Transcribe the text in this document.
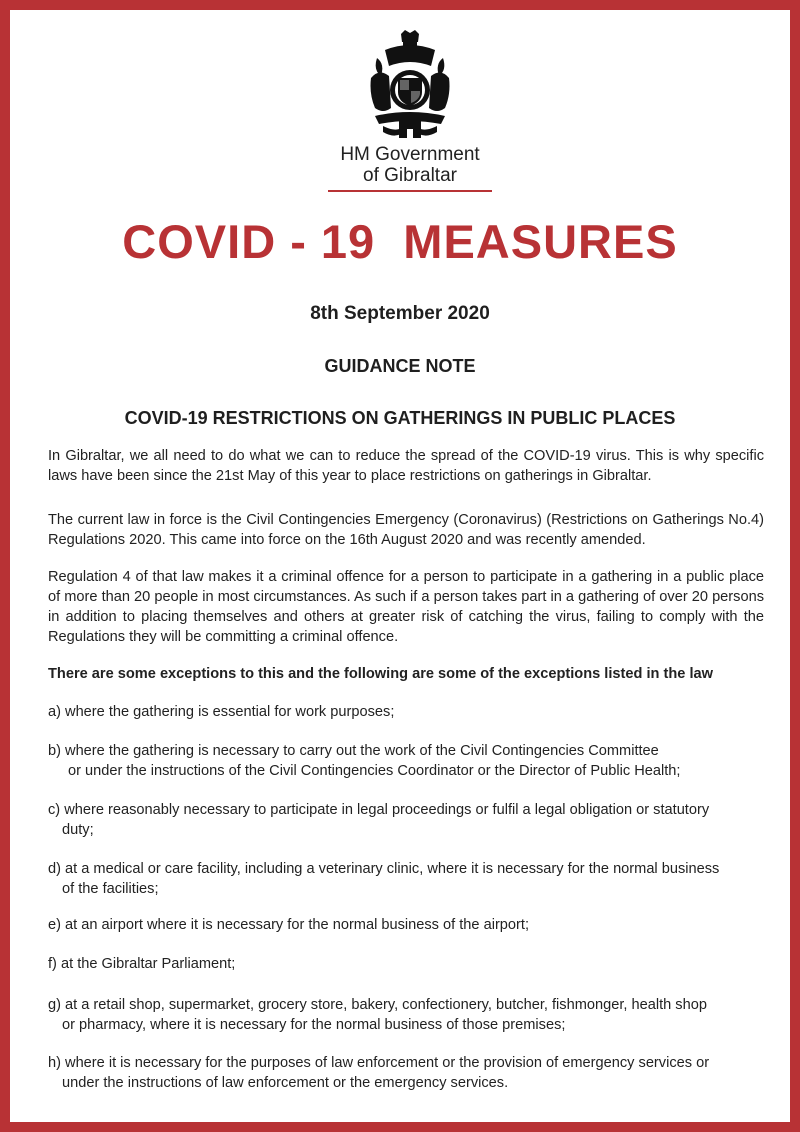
HM Government
of Gibraltar
COVID - 19  MEASURES
8th September 2020
GUIDANCE NOTE
COVID-19 RESTRICTIONS ON GATHERINGS IN PUBLIC PLACES
In Gibraltar, we all need to do what we can to reduce the spread of the COVID-19 virus. This is why specific laws have been since the 21st May of this year to place restrictions on gatherings in Gibraltar.
The current law in force is the Civil Contingencies Emergency (Coronavirus) (Restrictions on Gatherings No.4) Regulations 2020. This came into force on the 16th August 2020 and was recently amended.
Regulation 4 of that law makes it a criminal offence for a person to participate in a gathering in a public place of more than 20 people in most circumstances. As such if a person takes part in a gathering of over 20 persons in addition to placing themselves and others at greater risk of catching the virus, failing to comply with the Regulations they will be committing a criminal offence.
There are some exceptions to this and the following are some of the exceptions listed in the law
a) where the gathering is essential for work purposes;
b) where the gathering is necessary to carry out the work of the Civil Contingencies Committee
or under the instructions of the Civil Contingencies Coordinator or the Director of Public Health;
c) where reasonably necessary to participate in legal proceedings or fulfil a legal obligation or statutory
duty;
d) at a medical or care facility, including a veterinary clinic, where it is necessary for the normal business
of the facilities;
e) at an airport where it is necessary for the normal business of the airport;
f) at the Gibraltar Parliament;
g) at a retail shop, supermarket, grocery store, bakery, confectionery, butcher, fishmonger, health shop
or pharmacy, where it is necessary for the normal business of those premises;
h) where it is necessary for the purposes of law enforcement or the provision of emergency services or
under the instructions of law enforcement or the emergency services.
